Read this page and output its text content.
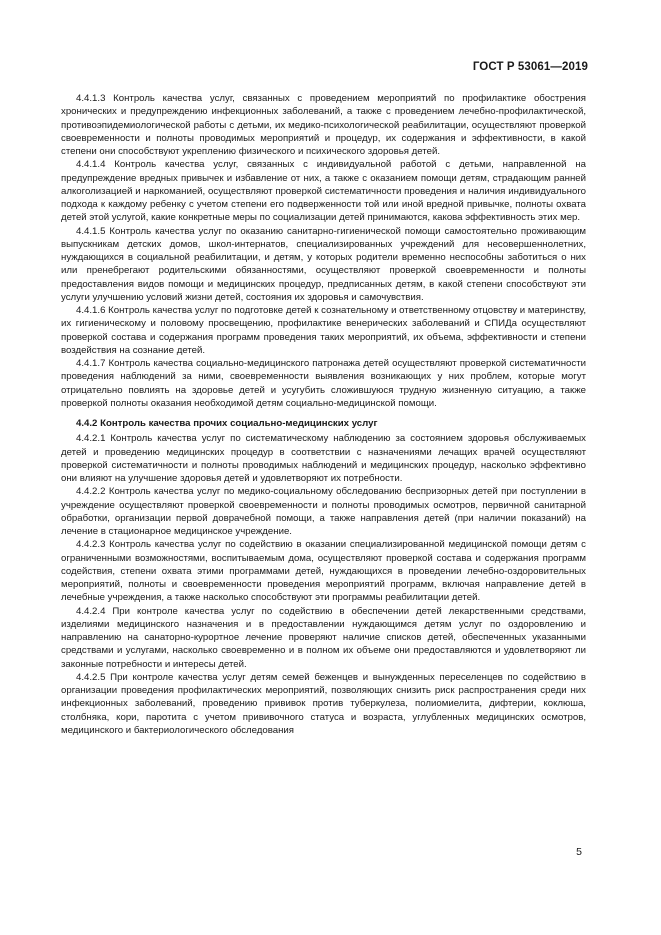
ГОСТ Р 53061—2019

4.4.1.3 Контроль качества услуг, связанных с проведением мероприятий по профилактике обострения хронических и предупреждению инфекционных заболеваний, а также с проведением лечебно-профилактической, противоэпидемиологической работы с детьми, их медико-психологической реабилитации, осуществляют проверкой своевременности и полноты проводимых мероприятий и процедур, их содержания и эффективности, в какой степени они способствуют укреплению физического и психического здоровья детей.

4.4.1.4 Контроль качества услуг, связанных с индивидуальной работой с детьми, направленной на предупреждение вредных привычек и избавление от них, а также с оказанием помощи детям, страдающим ранней алкоголизацией и наркоманией, осуществляют проверкой систематичности проведения и наличия индивидуального подхода к каждому ребенку с учетом степени его подверженности той или иной вредной привычке, полноты охвата детей этой услугой, какие конкретные меры по социализации детей принимаются, какова эффективность этих мер.

4.4.1.5 Контроль качества услуг по оказанию санитарно-гигиенической помощи самостоятельно проживающим выпускникам детских домов, школ-интернатов, специализированных учреждений для несовершеннолетних, нуждающихся в социальной реабилитации, и детям, у которых родители временно неспособны заботиться о них или пренебрегают родительскими обязанностями, осуществляют проверкой своевременности и полноты предоставления видов помощи и медицинских процедур, предписанных детям, в какой степени способствуют эти услуги улучшению условий жизни детей, состояния их здоровья и самочувствия.

4.4.1.6 Контроль качества услуг по подготовке детей к сознательному и ответственному отцовству и материнству, их гигиеническому и половому просвещению, профилактике венерических заболеваний и СПИДа осуществляют проверкой состава и содержания программ проведения таких мероприятий, их объема, эффективности и степени воздействия на сознание детей.

4.4.1.7 Контроль качества социально-медицинского патронажа детей осуществляют проверкой систематичности проведения наблюдений за ними, своевременности выявления возникающих у них проблем, которые могут отрицательно повлиять на здоровье детей и усугубить сложившуюся трудную жизненную ситуацию, а также проверкой полноты оказания необходимой детям социально-медицинской помощи.

4.4.2 Контроль качества прочих социально-медицинских услуг

4.4.2.1 Контроль качества услуг по систематическому наблюдению за состоянием здоровья обслуживаемых детей и проведению медицинских процедур в соответствии с назначениями лечащих врачей осуществляют проверкой систематичности и полноты проводимых наблюдений и медицинских процедур, насколько эффективно они влияют на улучшение здоровья детей и удовлетворяют их потребности.

4.4.2.2 Контроль качества услуг по медико-социальному обследованию беспризорных детей при поступлении в учреждение осуществляют проверкой своевременности и полноты проводимых осмотров, первичной санитарной обработки, организации первой доврачебной помощи, а также направления детей (при наличии показаний) на лечение в стационарное медицинское учреждение.

4.4.2.3 Контроль качества услуг по содействию в оказании специализированной медицинской помощи детям с ограниченными возможностями, воспитываемым дома, осуществляют проверкой состава и содержания программ содействия, степени охвата этими программами детей, нуждающихся в проведении лечебно-оздоровительных мероприятий, полноты и своевременности проведения мероприятий программ, включая направление детей в лечебные учреждения, а также насколько способствуют эти программы реабилитации детей.

4.4.2.4 При контроле качества услуг по содействию в обеспечении детей лекарственными средствами, изделиями медицинского назначения и в предоставлении нуждающимся детям услуг по оздоровлению и направлению на санаторно-курортное лечение проверяют наличие списков детей, обеспеченных указанными средствами и услугами, насколько своевременно и в полном их объеме они предоставляются и удовлетворяют ли законные потребности и интересы детей.

4.4.2.5 При контроле качества услуг детям семей беженцев и вынужденных переселенцев по содействию в организации проведения профилактических мероприятий, позволяющих снизить риск распространения среди них инфекционных заболеваний, проведению прививок против туберкулеза, полиомиелита, дифтерии, коклюша, столбняка, кори, паротита с учетом прививочного статуса и возраста, углубленных медицинских осмотров, медицинского и бактериологического обследования

5
